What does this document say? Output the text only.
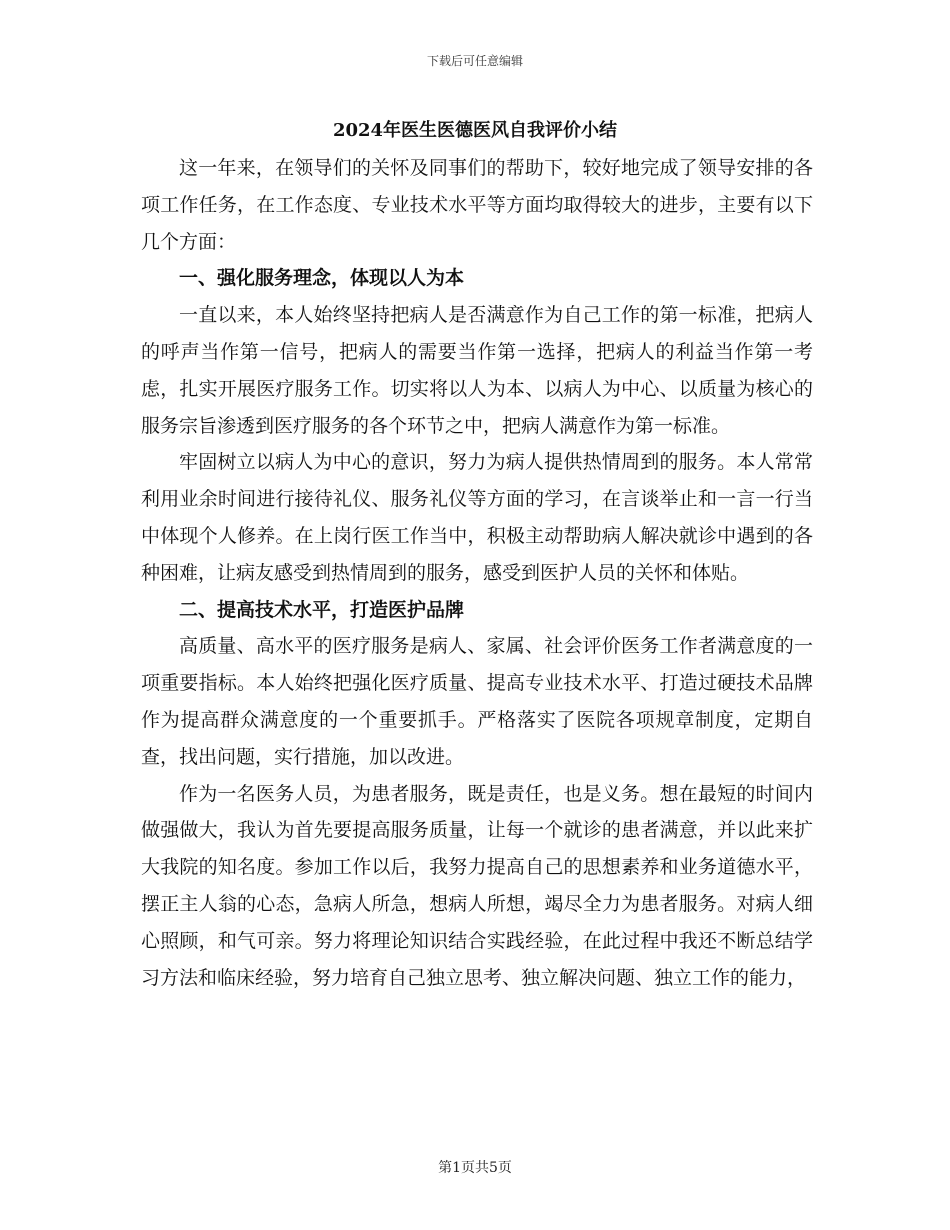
下载后可任意编辑
2024年医生医德医风自我评价小结

这一年来，在领导们的关怀及同事们的帮助下，较好地完成了领导安排的各项工作任务，在工作态度、专业技术水平等方面均取得较大的进步，主要有以下几个方面：

一、强化服务理念，体现以人为本

一直以来，本人始终坚持把病人是否满意作为自己工作的第一标准，把病人的呼声当作第一信号，把病人的需要当作第一选择，把病人的利益当作第一考虑，扎实开展医疗服务工作。切实将以人为本、以病人为中心、以质量为核心的服务宗旨渗透到医疗服务的各个环节之中，把病人满意作为第一标准。

牢固树立以病人为中心的意识，努力为病人提供热情周到的服务。本人常常利用业余时间进行接待礼仪、服务礼仪等方面的学习，在言谈举止和一言一行当中体现个人修养。在上岗行医工作当中，积极主动帮助病人解决就诊中遇到的各种困难，让病友感受到热情周到的服务，感受到医护人员的关怀和体贴。

二、提高技术水平，打造医护品牌

高质量、高水平的医疗服务是病人、家属、社会评价医务工作者满意度的一项重要指标。本人始终把强化医疗质量、提高专业技术水平、打造过硬技术品牌作为提高群众满意度的一个重要抓手。严格落实了医院各项规章制度，定期自查，找出问题，实行措施，加以改进。

作为一名医务人员，为患者服务，既是责任，也是义务。想在最短的时间内做强做大，我认为首先要提高服务质量，让每一个就诊的患者满意，并以此来扩大我院的知名度。参加工作以后，我努力提高自己的思想素养和业务道德水平，摆正主人翁的心态，急病人所急，想病人所想，竭尽全力为患者服务。对病人细心照顾，和气可亲。努力将理论知识结合实践经验，在此过程中我还不断总结学习方法和临床经验，努力培育自己独立思考、独立解决问题、独立工作的能力，

第1页共5页
